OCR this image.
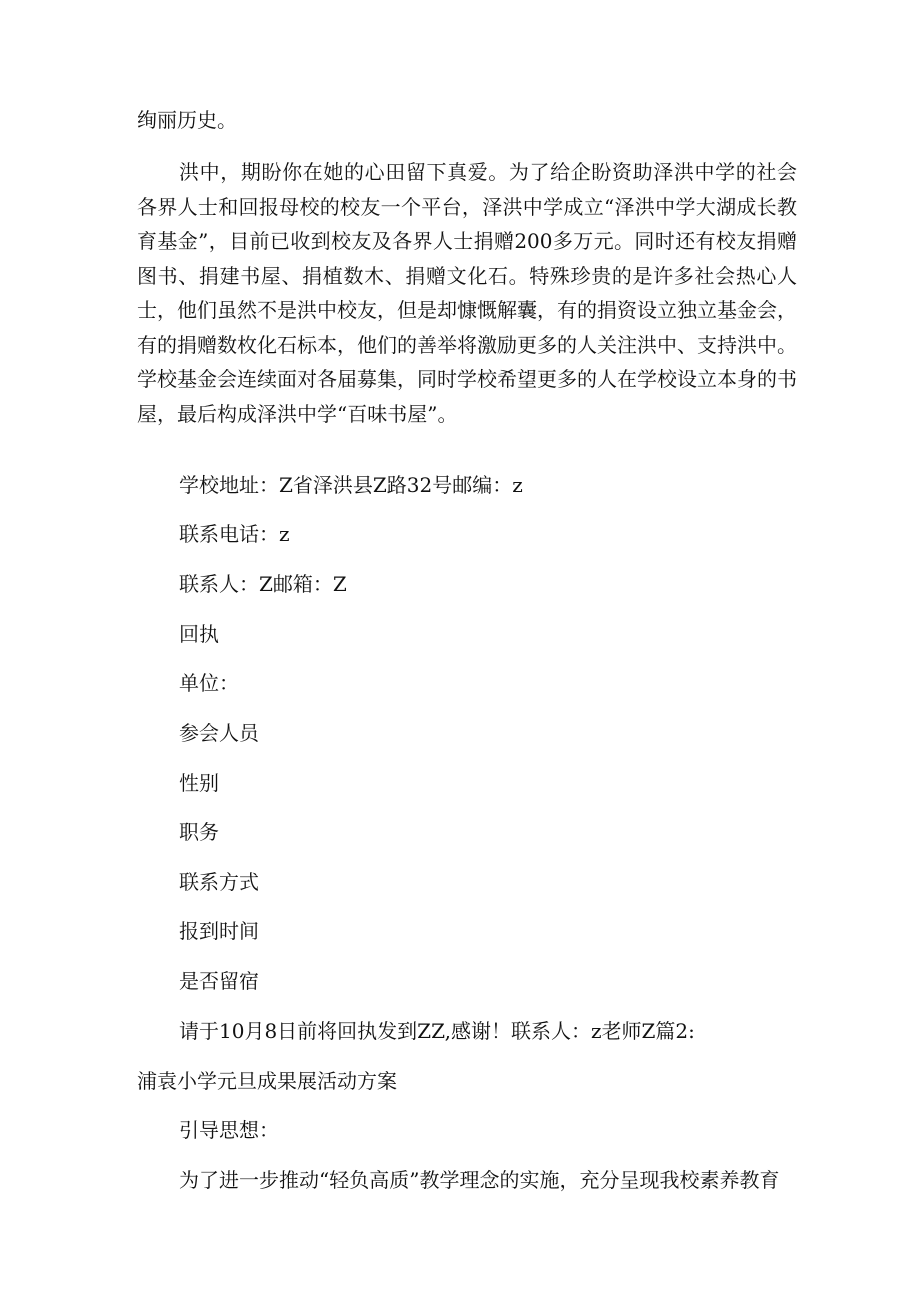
绚丽历史。

洪中，期盼你在她的心田留下真爱。为了给企盼资助泽洪中学的社会各界人士和回报母校的校友一个平台，泽洪中学成立“泽洪中学大湖成长教育基金”，目前已收到校友及各界人士捐赠200多万元。同时还有校友捐赠图书、捐建书屋、捐植数木、捐赠文化石。特殊珍贵的是许多社会热心人士，他们虽然不是洪中校友，但是却慷慨解囊，有的捐资设立独立基金会，有的捐赠数枚化石标本，他们的善举将激励更多的人关注洪中、支持洪中。学校基金会连续面对各届募集，同时学校希望更多的人在学校设立本身的书屋，最后构成泽洪中学“百味书屋”。

学校地址：Z省泽洪县Z路32号邮编：z

联系电话：z

联系人：Z邮箱：Z

回执

单位：

参会人员

性别

职务

联系方式

报到时间

是否留宿

请于10月8日前将回执发到ZZ,感谢！联系人：z老师Z篇2:

浦袁小学元旦成果展活动方案

引导思想：

为了进一步推动“轻负高质”教学理念的实施，充分呈现我校素养教育
